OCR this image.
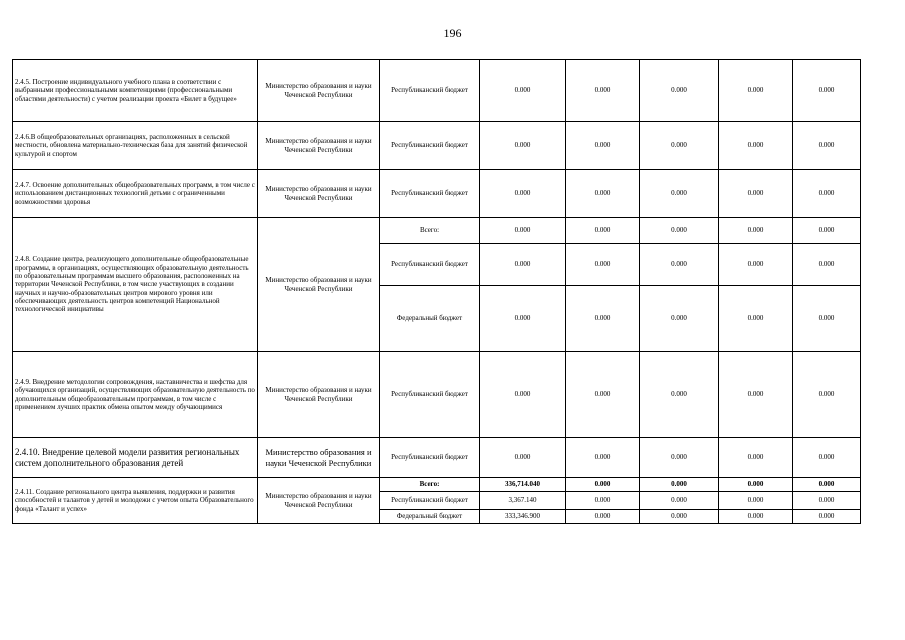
196
2.4.5. Построение индивидуального учебного плана в соответствии с выбранными профессиональными компетенциями (профессиональными областями деятельности) с учетом реализации проекта «Билет в будущее»	Министерство образования и науки Чеченской Республики	Республиканский бюджет	0.000	0.000	0.000	0.000	0.000
2.4.6.В общеобразовательных организациях, расположенных в сельской местности, обновлена материально-техническая база для занятий физической культурой и спортом	Министерство образования и науки Чеченской Республики	Республиканский бюджет	0.000	0.000	0.000	0.000	0.000
2.4.7. Освоение дополнительных общеобразовательных программ, в том числе с использованием дистанционных технологий детьми с ограниченными возможностями здоровья	Министерство образования и науки Чеченской Республики	Республиканский бюджет	0.000	0.000	0.000	0.000	0.000
2.4.8. Создание центра, реализующего дополнительные общеобразовательные программы, в организациях, осуществляющих образовательную деятельность по образовательным программам высшего образования, расположенных на территории Чеченской Республики, в том числе участвующих в создании научных и научно-образовательных центров мирового уровня или обеспечивающих деятельность центров компетенций Национальной технологической инициативы	Министерство образования и науки Чеченской Республики	Всего:	0.000	0.000	0.000	0.000	0.000
		Республиканский бюджет	0.000	0.000	0.000	0.000	0.000
		Федеральный бюджет	0.000	0.000	0.000	0.000	0.000
2.4.9. Внедрение методологии сопровождения, наставничества и шефства для обучающихся организаций, осуществляющих образовательную деятельность по дополнительным общеобразовательным программам, в том числе с применением лучших практик обмена опытом между обучающимися	Министерство образования и науки Чеченской Республики	Республиканский бюджет	0.000	0.000	0.000	0.000	0.000
2.4.10. Внедрение целевой модели развития региональных систем дополнительного образования детей	Министерство образования и науки Чеченской Республики	Республиканский бюджет	0.000	0.000	0.000	0.000	0.000
2.4.11. Создание регионального центра выявления, поддержки и развития способностей и талантов у детей и молодежи с учетом опыта Образовательного фонда «Талант и успех»	Министерство образования и науки Чеченской Республики	Всего:	336,714.040	0.000	0.000	0.000	0.000
		Республиканский бюджет	3,367.140	0.000	0.000	0.000	0.000
		Федеральный бюджет	333,346.900	0.000	0.000	0.000	0.000
